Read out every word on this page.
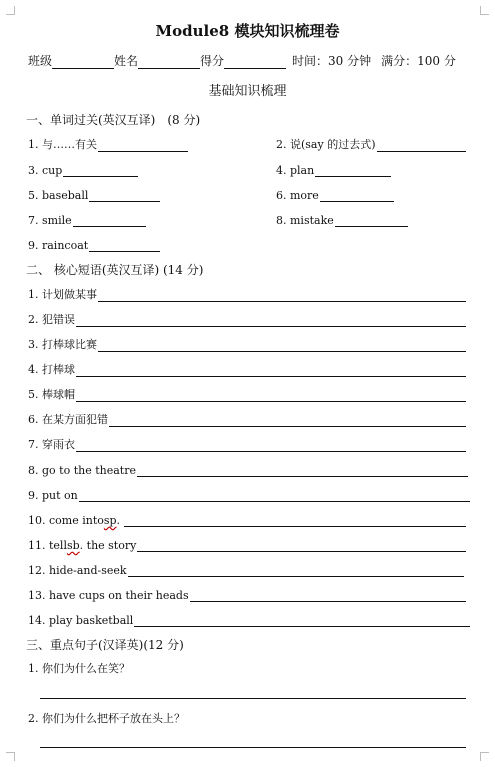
Module8 模块知识梳理卷
班级	姓名	得分	时间：30 分钟 满分：100 分
基础知识梳理
一、单词过关(英汉互译)　(8 分)
1. 与……有关	2. 说(say 的过去式)
3. cup	4. plan
5. baseball	6. more
7. smile	8. mistake
9. raincoat
二、 核心短语(英汉互译) (14 分)
1. 计划做某事
2. 犯错误
3. 打棒球比赛
4. 打棒球
5. 棒球帽
6. 在某方面犯错
7. 穿雨衣
8. go to the theatre
9. put on
10. come into sp .
11. tell sb . the story
12. hide-and-seek
13. have cups on their heads
14. play basketball
三、重点句子(汉译英)(12 分)
1. 你们为什么在笑？
2. 你们为什么把杯子放在头上？
